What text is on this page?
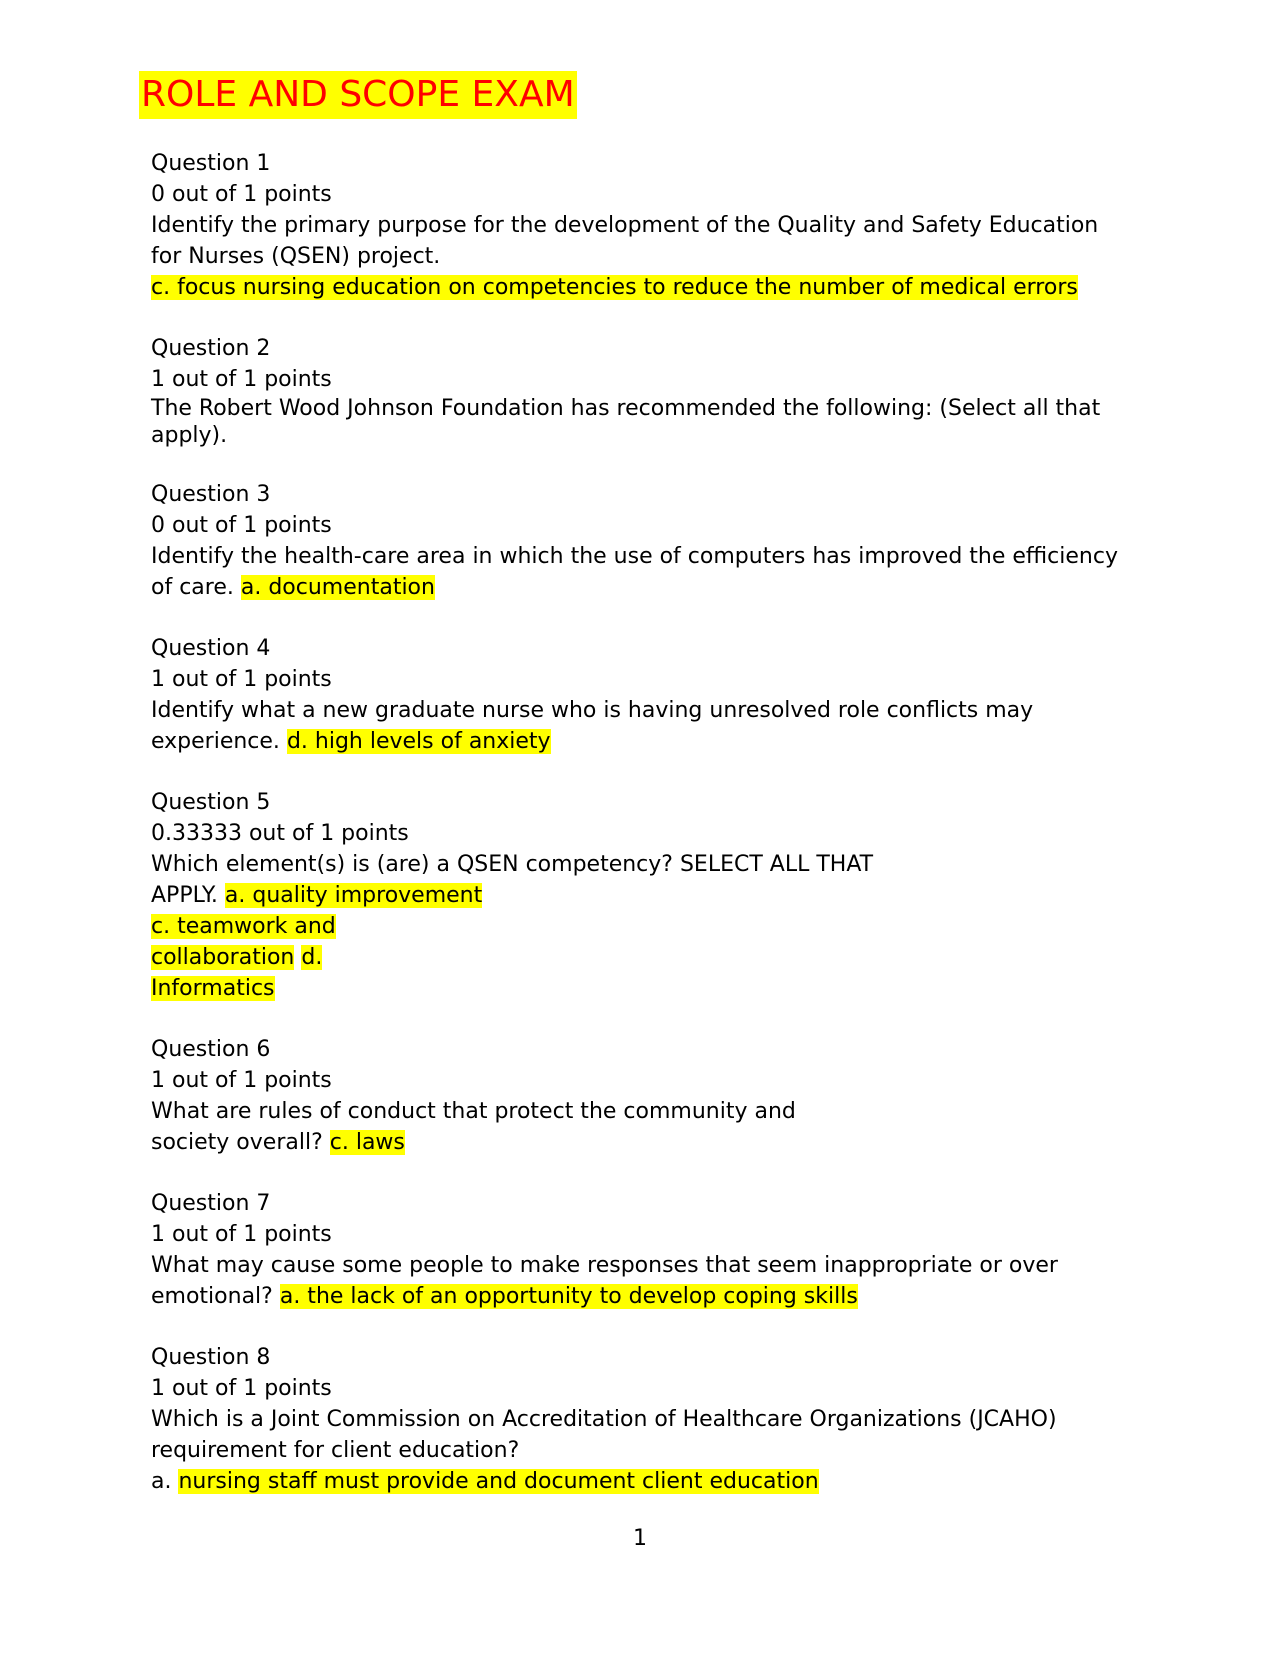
ROLE AND SCOPE EXAM

Question 1

0 out of 1 points

Identify the primary purpose for the development of the Quality and Safety Education for Nurses (QSEN) project.

c. focus nursing education on competencies to reduce the number of medical errors

Question 2

1 out of 1 points

The Robert Wood Johnson Foundation has recommended the following: (Select all that apply).

Question 3

0 out of 1 points

Identify the health-care area in which the use of computers has improved the efficiency of care. a. documentation

Question 4

1 out of 1 points

Identify what a new graduate nurse who is having unresolved role conflicts may experience. d. high levels of anxiety

Question 5

0.33333 out of 1 points

Which element(s) is (are) a QSEN competency? SELECT ALL THAT

APPLY. a. quality improvement

c. teamwork and

collaboration d.

Informatics

Question 6

1 out of 1 points

What are rules of conduct that protect the community and

society overall? c. laws

Question 7

1 out of 1 points

What may cause some people to make responses that seem inappropriate or over emotional? a. the lack of an opportunity to develop coping skills

Question 8

1 out of 1 points

Which is a Joint Commission on Accreditation of Healthcare Organizations (JCAHO) requirement for client education?

a. nursing staff must provide and document client education

1
